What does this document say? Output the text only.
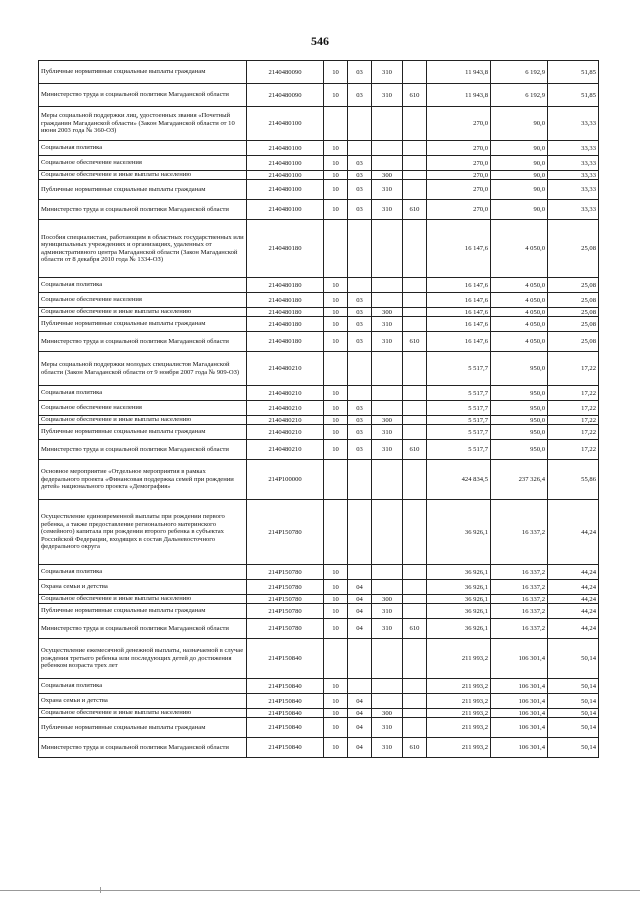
546
Публичные нормативные социальные выплаты гражданам	2140480090	10	03	310		11 943,8	6 192,9	51,85
Министерство труда и социальной политики Магаданской области	2140480090	10	03	310	610	11 943,8	6 192,9	51,85
Меры социальной поддержки лиц, удостоенных звания «Почетный гражданин Магаданской области» (Закон Магаданской области от 10 июня 2003 года № 360-ОЗ)	2140480100					270,0	90,0	33,33
Социальная политика	2140480100	10				270,0	90,0	33,33
Социальное обеспечение населения	2140480100	10	03			270,0	90,0	33,33
Социальное обеспечение и иные выплаты населению	2140480100	10	03	300		270,0	90,0	33,33
Публичные нормативные социальные выплаты гражданам	2140480100	10	03	310		270,0	90,0	33,33
Министерство труда и социальной политики Магаданской области	2140480100	10	03	310	610	270,0	90,0	33,33
Пособия специалистам, работающим в областных государственных или муниципальных учреждениях и организациях, удаленных от административного центра Магаданской области (Закон Магаданской области от 8 декабря 2010 года № 1334-ОЗ)	2140480180					16 147,6	4 050,0	25,08
Социальная политика	2140480180	10				16 147,6	4 050,0	25,08
Социальное обеспечение населения	2140480180	10	03			16 147,6	4 050,0	25,08
Социальное обеспечение и иные выплаты населению	2140480180	10	03	300		16 147,6	4 050,0	25,08
Публичные нормативные социальные выплаты гражданам	2140480180	10	03	310		16 147,6	4 050,0	25,08
Министерство труда и социальной политики Магаданской области	2140480180	10	03	310	610	16 147,6	4 050,0	25,08
Меры социальной поддержки молодых специалистов Магаданской области (Закон Магаданской области от 9 ноября 2007 года № 909-ОЗ)	2140480210					5 517,7	950,0	17,22
Социальная политика	2140480210	10				5 517,7	950,0	17,22
Социальное обеспечение населения	2140480210	10	03			5 517,7	950,0	17,22
Социальное обеспечение и иные выплаты населению	2140480210	10	03	300		5 517,7	950,0	17,22
Публичные нормативные социальные выплаты гражданам	2140480210	10	03	310		5 517,7	950,0	17,22
Министерство труда и социальной политики Магаданской области	2140480210	10	03	310	610	5 517,7	950,0	17,22
Основное мероприятие «Отдельное мероприятия в рамках федерального проекта «Финансовая поддержка семей при рождении детей» национального проекта «Демография»	214P100000					424 834,5	237 326,4	55,86
Осуществление единовременной выплаты при рождении первого ребенка, а также предоставление регионального материнского (семейного) капитала при рождении второго ребенка в субъектах Российской Федерации, входящих в состав Дальневосточного федерального округа	214P150780					36 926,1	16 337,2	44,24
Социальная политика	214P150780	10				36 926,1	16 337,2	44,24
Охрана семьи и детства	214P150780	10	04			36 926,1	16 337,2	44,24
Социальное обеспечение и иные выплаты населению	214P150780	10	04	300		36 926,1	16 337,2	44,24
Публичные нормативные социальные выплаты гражданам	214P150780	10	04	310		36 926,1	16 337,2	44,24
Министерство труда и социальной политики Магаданской области	214P150780	10	04	310	610	36 926,1	16 337,2	44,24
Осуществление ежемесячной денежной выплаты, назначаемой в случае рождения третьего ребенка или последующих детей до достижения ребенком возраста трех лет	214P150840					211 993,2	106 301,4	50,14
Социальная политика	214P150840	10				211 993,2	106 301,4	50,14
Охрана семьи и детства	214P150840	10	04			211 993,2	106 301,4	50,14
Социальное обеспечение и иные выплаты населению	214P150840	10	04	300		211 993,2	106 301,4	50,14
Публичные нормативные социальные выплаты гражданам	214P150840	10	04	310		211 993,2	106 301,4	50,14
Министерство труда и социальной политики Магаданской области	214P150840	10	04	310	610	211 993,2	106 301,4	50,14
